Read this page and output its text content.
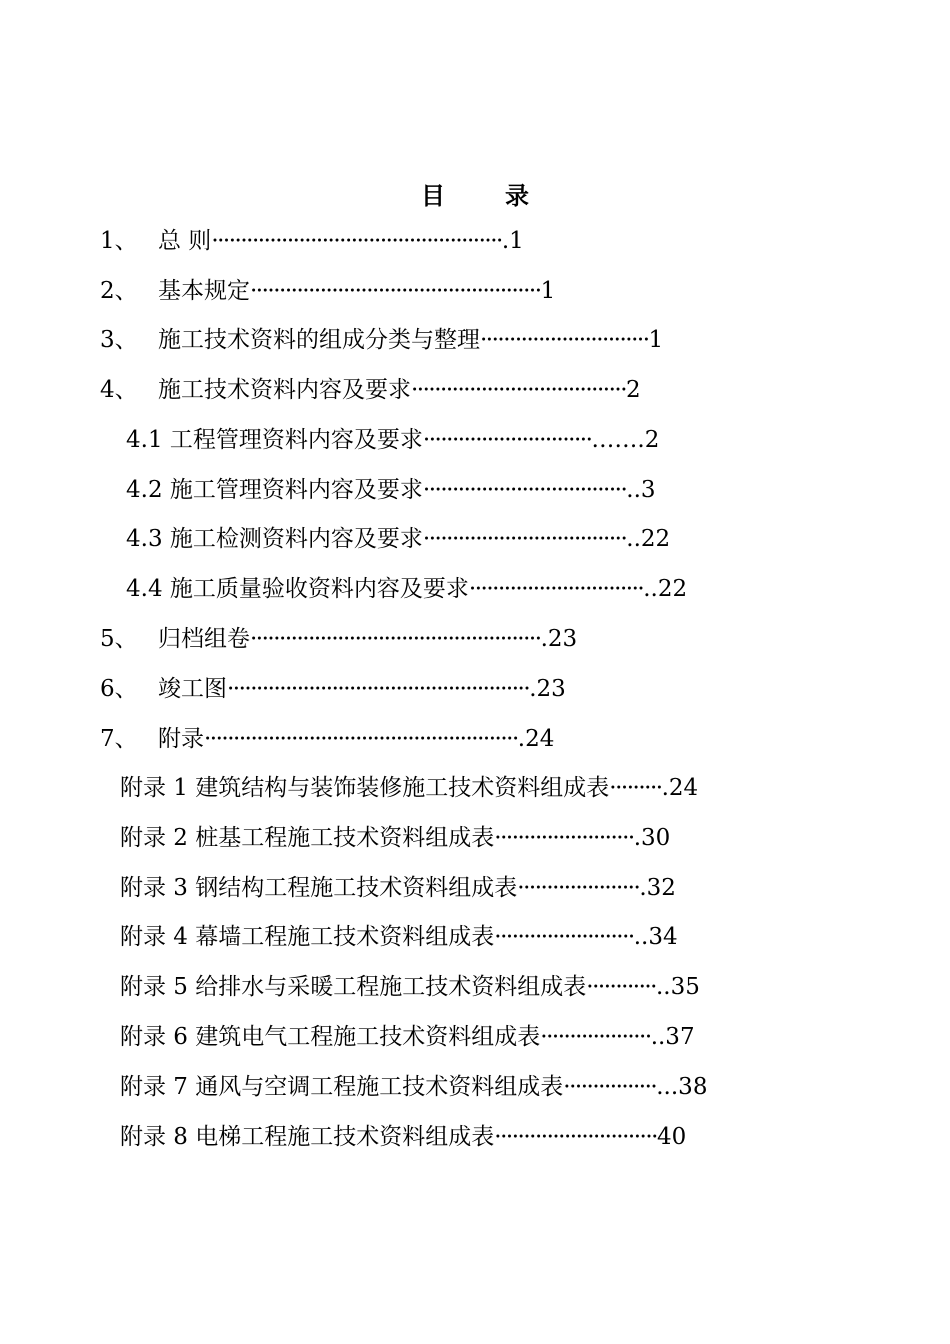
目	录
1、 总 则··················································.1
2、 基本规定··················································1
3、 施工技术资料的组成分类与整理·····························1
4、 施工技术资料内容及要求·····································2
4.1 工程管理资料内容及要求·····························…….2
4.2 施工管理资料内容及要求···································..3
4.3 施工检测资料内容及要求···································..22
4.4 施工质量验收资料内容及要求······························..22
5、 归档组卷··················································.23
6、 竣工图····················································.23
7、 附录······················································.24
附录 1 建筑结构与装饰装修施工技术资料组成表·········.24
附录 2 桩基工程施工技术资料组成表························.30
附录 3 钢结构工程施工技术资料组成表·····················.32
附录 4 幕墙工程施工技术资料组成表························..34
附录 5 给排水与采暖工程施工技术资料组成表············..35
附录 6 建筑电气工程施工技术资料组成表···················..37
附录 7 通风与空调工程施工技术资料组成表················...38
附录 8 电梯工程施工技术资料组成表····························40
